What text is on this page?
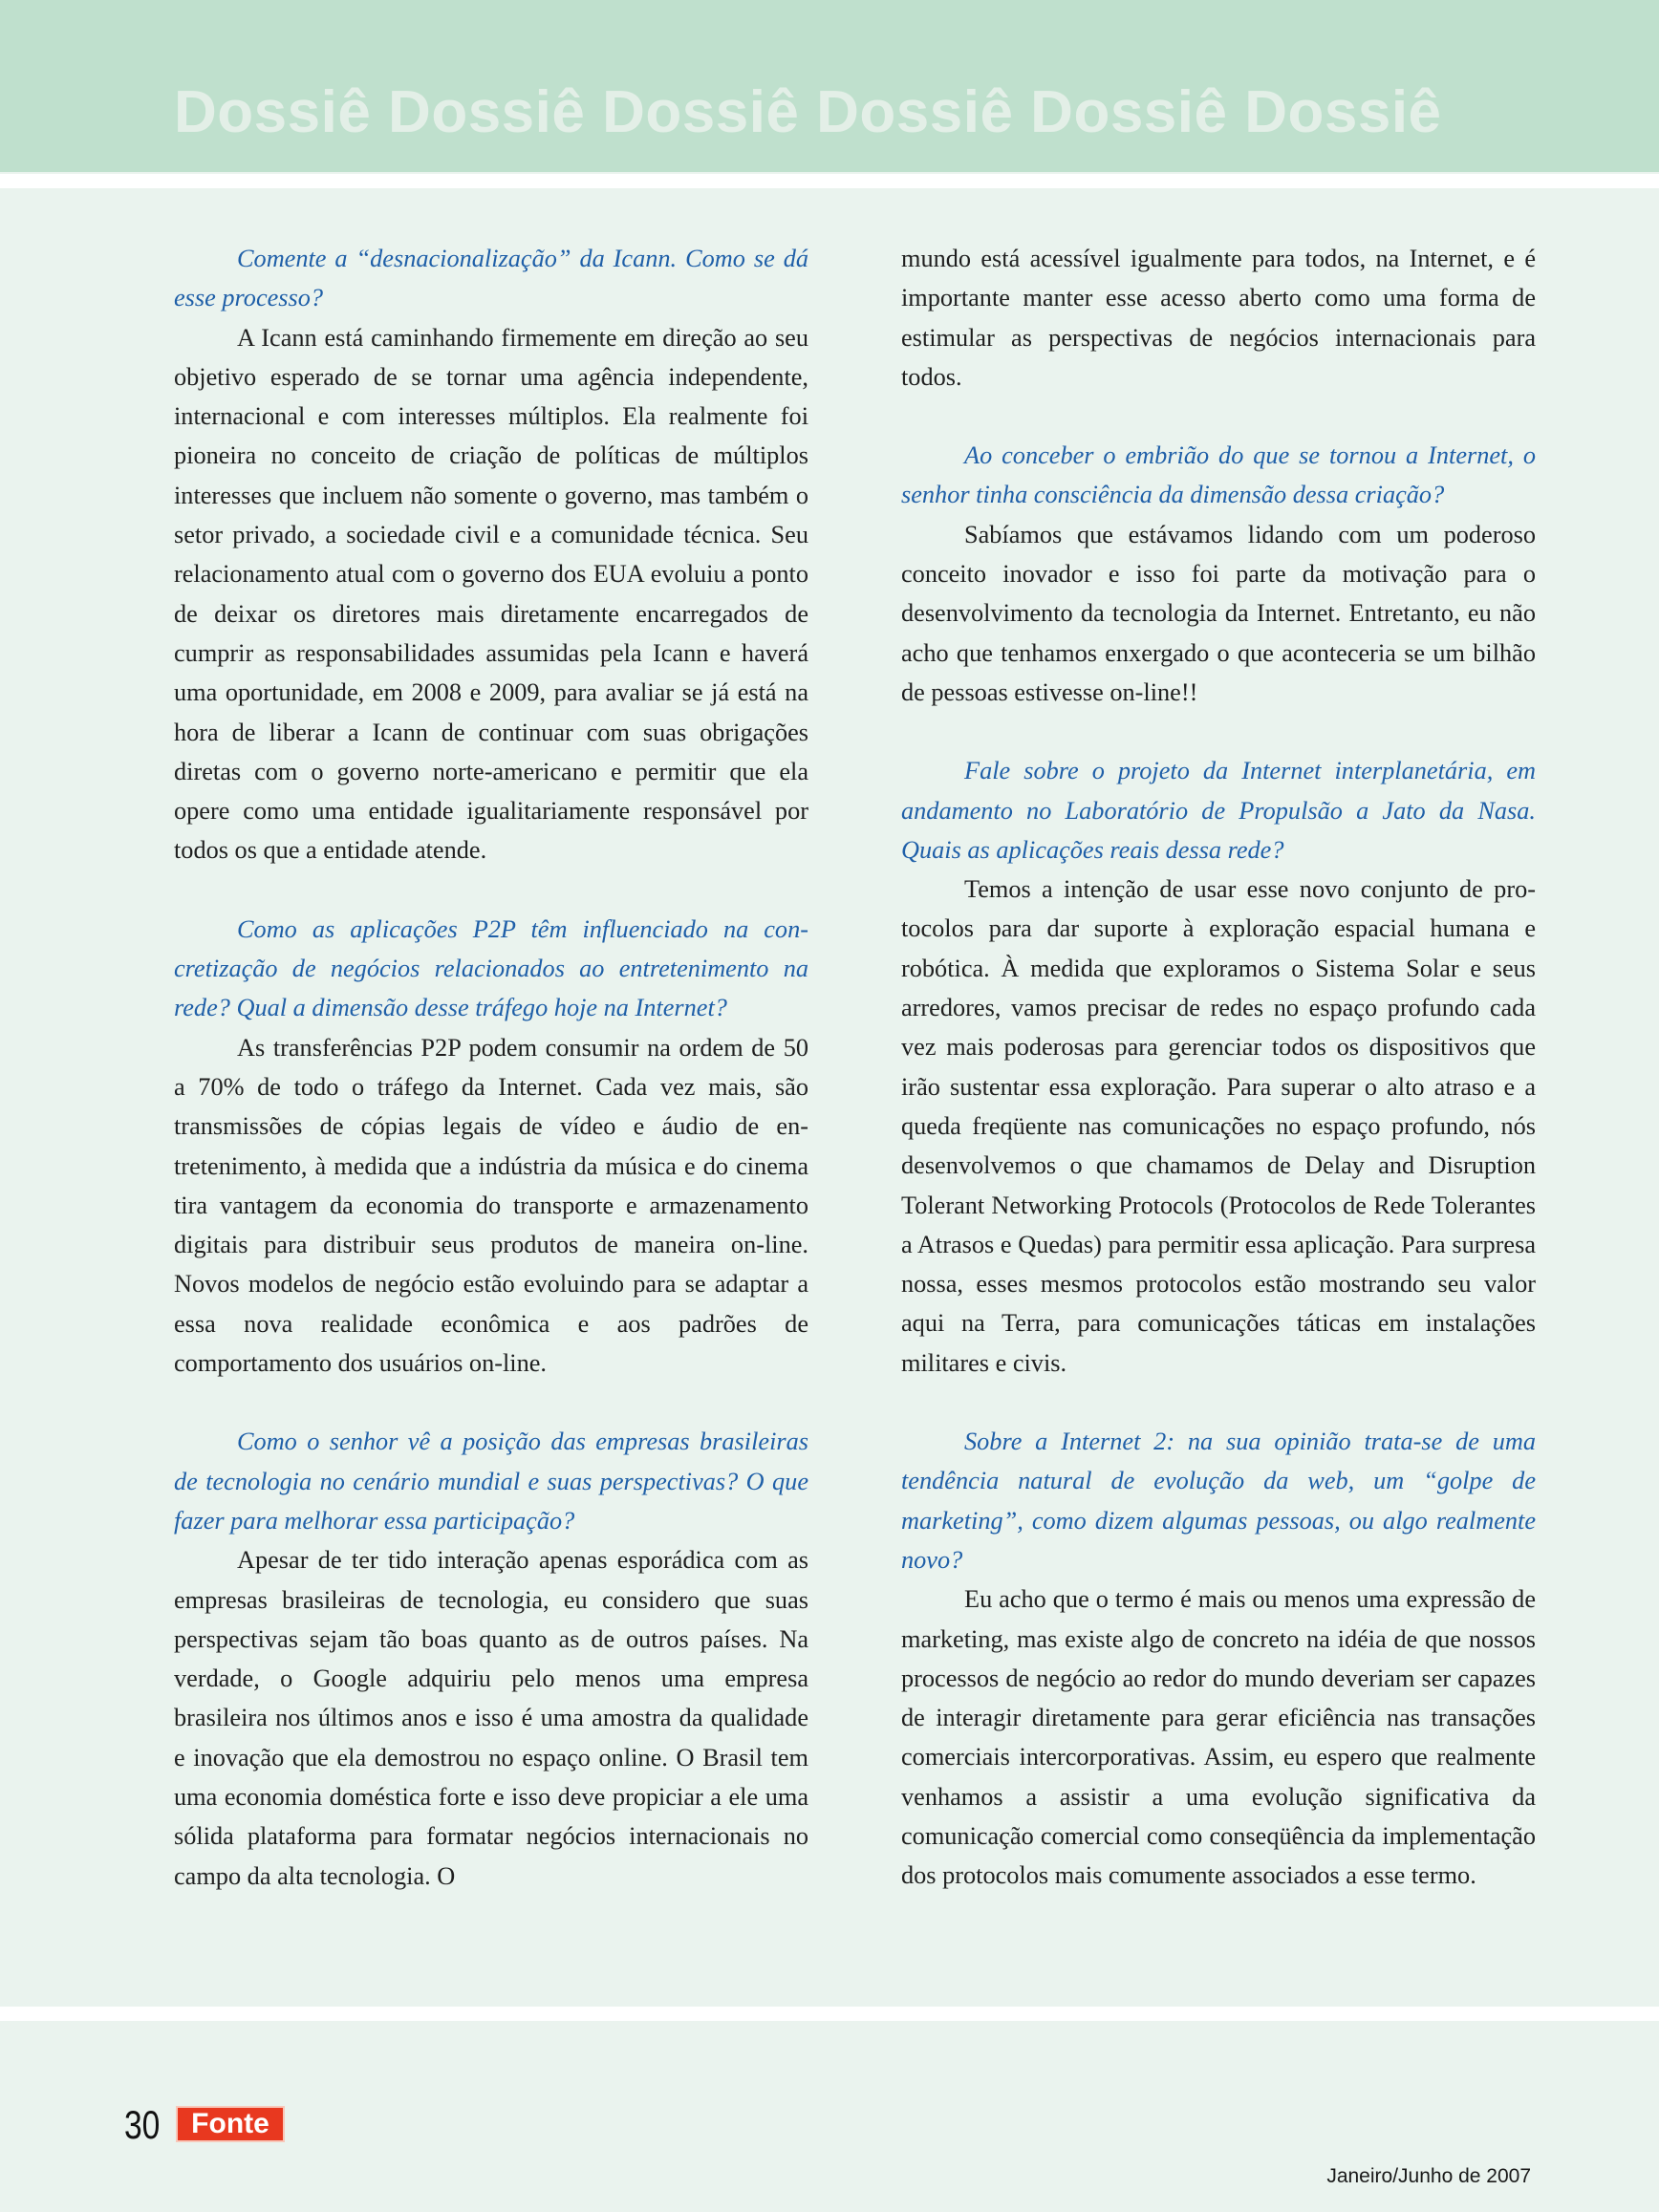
Dossiê Dossiê Dossiê Dossiê Dossiê Dossiê

Comente a “desnacionalização” da Icann. Como se dá esse processo?

A Icann está caminhando firmemente em direção ao seu objetivo esperado de se tornar uma agência independente, internacional e com interesses múltiplos. Ela realmente foi pioneira no conceito de criação de políticas de múltiplos interesses que incluem não somente o governo, mas também o setor privado, a sociedade civil e a comunidade técnica. Seu relacionamento atual com o governo dos EUA evoluiu a ponto de deixar os diretores mais diretamente encarregados de cumprir as responsabilidades assumidas pela Icann e haverá uma oportunidade, em 2008 e 2009, para avaliar se já está na hora de liberar a Icann de continuar com suas obrigações diretas com o governo norte-americano e permitir que ela opere como uma entidade igualitariamente responsável por todos os que a entidade atende.

Como as aplicações P2P têm influenciado na concretização de negócios relacionados ao entretenimento na rede? Qual a dimensão desse tráfego hoje na Internet?

As transferências P2P podem consumir na ordem de 50 a 70% de todo o tráfego da Internet. Cada vez mais, são transmissões de cópias legais de vídeo e áudio de entretenimento, à medida que a indústria da música e do cinema tira vantagem da economia do transporte e armazenamento digitais para distribuir seus produtos de maneira on-line. Novos modelos de negócio estão evoluindo para se adaptar a essa nova realidade econômica e aos padrões de comportamento dos usuários on-line.

Como o senhor vê a posição das empresas brasileiras de tecnologia no cenário mundial e suas perspectivas? O que fazer para melhorar essa participação?

Apesar de ter tido interação apenas esporádica com as empresas brasileiras de tecnologia, eu considero que suas perspectivas sejam tão boas quanto as de outros países. Na verdade, o Google adquiriu pelo menos uma empresa brasileira nos últimos anos e isso é uma amostra da qualidade e inovação que ela demostrou no espaço online. O Brasil tem uma economia doméstica forte e isso deve propiciar a ele uma sólida plataforma para formatar negócios internacionais no campo da alta tecnologia. O

mundo está acessível igualmente para todos, na Internet, e é importante manter esse acesso aberto como uma forma de estimular as perspectivas de negócios internacionais para todos.

Ao conceber o embrião do que se tornou a Internet, o senhor tinha consciência da dimensão dessa criação?

Sabíamos que estávamos lidando com um poderoso conceito inovador e isso foi parte da motivação para o desenvolvimento da tecnologia da Internet. Entretanto, eu não acho que tenhamos enxergado o que aconteceria se um bilhão de pessoas estivesse on-line!!

Fale sobre o projeto da Internet interplanetária, em andamento no Laboratório de Propulsão a Jato da Nasa. Quais as aplicações reais dessa rede?

Temos a intenção de usar esse novo conjunto de protocolos para dar suporte à exploração espacial humana e robótica. À medida que exploramos o Sistema Solar e seus arredores, vamos precisar de redes no espaço profundo cada vez mais poderosas para gerenciar todos os dispositivos que irão sustentar essa exploração. Para superar o alto atraso e a queda freqüente nas comunicações no espaço profundo, nós desenvolvemos o que chamamos de Delay and Disruption Tolerant Networking Protocols (Protocolos de Rede Tolerantes a Atrasos e Quedas) para permitir essa aplicação. Para surpresa nossa, esses mesmos protocolos estão mostrando seu valor aqui na Terra, para comunicações táticas em instalações militares e civis.

Sobre a Internet 2: na sua opinião trata-se de uma tendência natural de evolução da web, um “golpe de marketing”, como dizem algumas pessoas, ou algo realmente novo?

Eu acho que o termo é mais ou menos uma expressão de marketing, mas existe algo de concreto na idéia de que nossos processos de negócio ao redor do mundo deveriam ser capazes de interagir diretamente para gerar eficiência nas transações comerciais intercorporativas. Assim, eu espero que realmente venhamos a assistir a uma evolução significativa da comunicação comercial como conseqüência da implementação dos protocolos mais comumente associados a esse termo.

30	Fonte
Janeiro/Junho de 2007
